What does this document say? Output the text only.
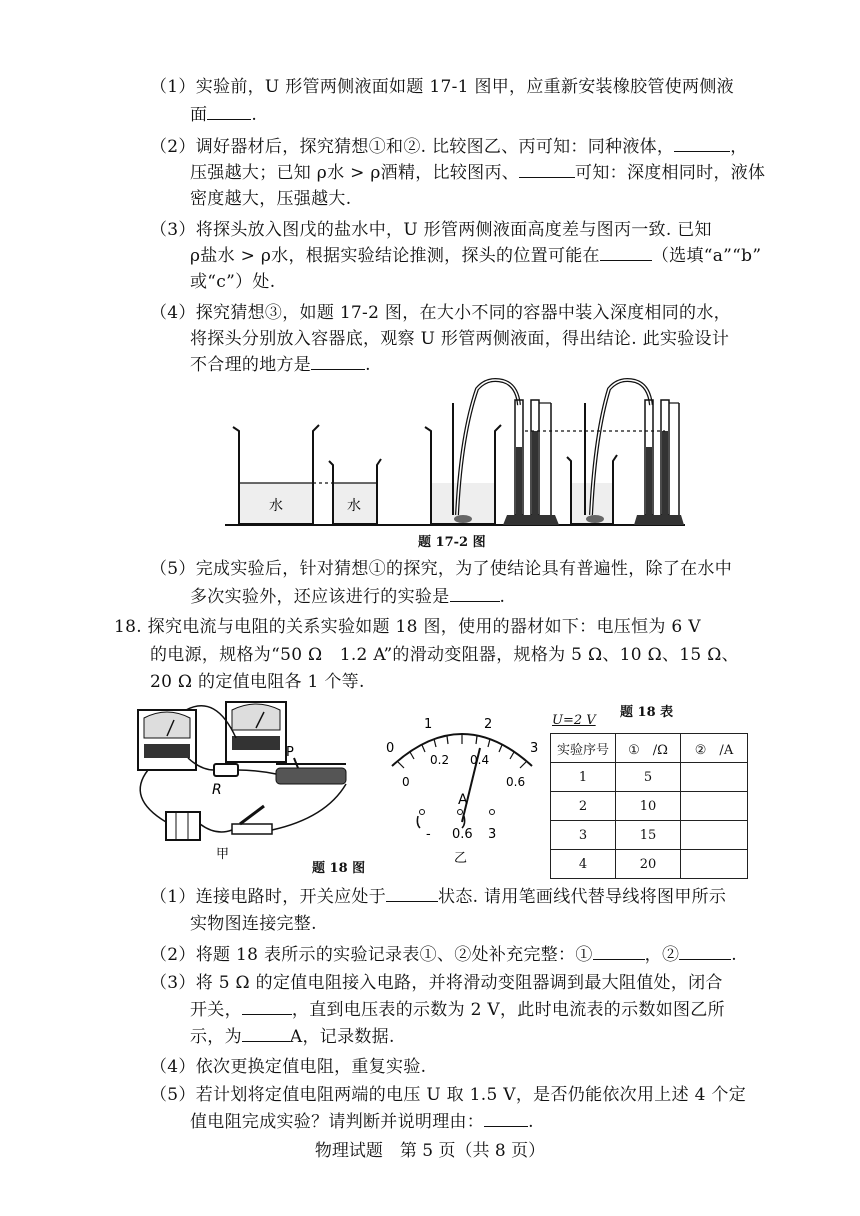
（1）实验前，U 形管两侧液面如题 17-1 图甲，应重新安装橡胶管使两侧液
面	.
（2）调好器材后，探究猜想①和②. 比较图乙、丙可知：同种液体，	，
压强越大；已知 ρ水 > ρ酒精，比较图丙、	可知：深度相同时，液体
密度越大，压强越大.
（3）将探头放入图戊的盐水中，U 形管两侧液面高度差与图丙一致. 已知
ρ盐水 > ρ水，根据实验结论推测，探头的位置可能在	（选填“a”“b”
或“c”）处.
（4）探究猜想③，如题 17-2 图，在大小不同的容器中装入深度相同的水，
将探头分别放入容器底，观察 U 形管两侧液面，得出结论. 此实验设计
不合理的地方是	.
水	水
题 17-2 图
（5）完成实验后，针对猜想①的探究，为了使结论具有普遍性，除了在水中
多次实验外，还应该进行的实验是	.
18. 探究电流与电阻的关系实验如题 18 图，使用的器材如下：电压恒为 6 V
的电源，规格为“50 Ω　1.2 A”的滑动变阻器，规格为 5 Ω、10 Ω、15 Ω、
20 Ω 的定值电阻各 1 个等.
P
R
甲
题 18 图
0
1	2
3
0
0.2 0.4
0.6
A
- 0.6 3
乙
题 18 表
U=2 V
实验序号	①　/Ω	②　/A
1	5	
2	10	
3	15	
4	20	
（1）连接电路时，开关应处于	状态. 请用笔画线代替导线将图甲所示
实物图连接完整.
（2）将题 18 表所示的实验记录表①、②处补充完整：①	，②	.
（3）将 5 Ω 的定值电阻接入电路，并将滑动变阻器调到最大阻值处，闭合
开关，	，直到电压表的示数为 2 V，此时电流表的示数如图乙所
示，为	A，记录数据.
（4）依次更换定值电阻，重复实验.
（5）若计划将定值电阻两端的电压 U 取 1.5 V，是否仍能依次用上述 4 个定
值电阻完成实验？请判断并说明理由：	.
物理试题　第 5 页（共 8 页）
